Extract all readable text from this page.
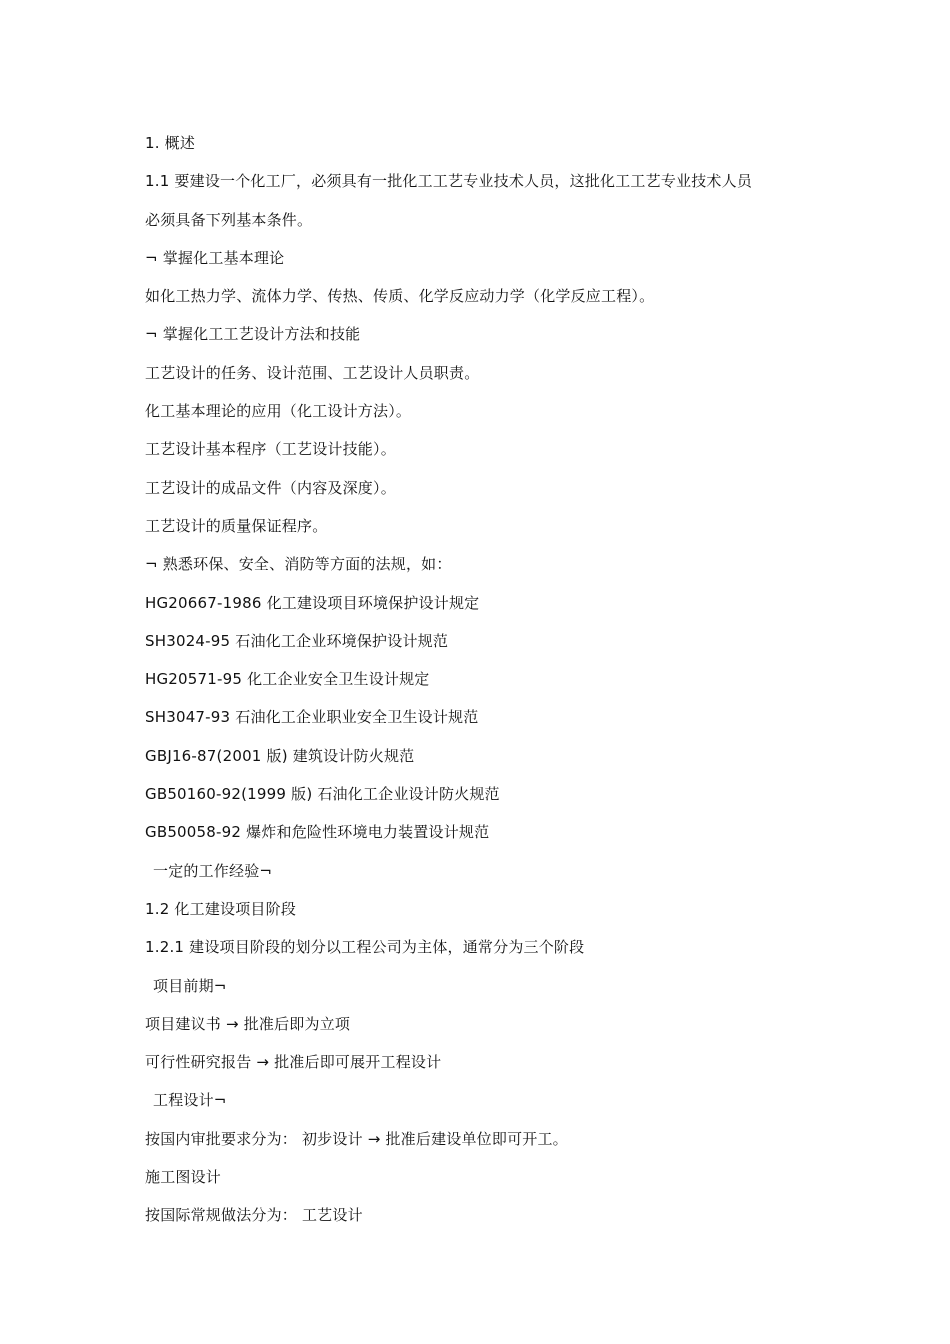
1. 概述
1.1 要建设一个化工厂，必须具有一批化工工艺专业技术人员，这批化工工艺专业技术人员
必须具备下列基本条件。
¬ 掌握化工基本理论
如化工热力学、流体力学、传热、传质、化学反应动力学（化学反应工程）。
¬ 掌握化工工艺设计方法和技能
工艺设计的任务、设计范围、工艺设计人员职责。
化工基本理论的应用（化工设计方法）。
工艺设计基本程序（工艺设计技能）。
工艺设计的成品文件（内容及深度）。
工艺设计的质量保证程序。
¬ 熟悉环保、安全、消防等方面的法规，如：
HG20667-1986 化工建设项目环境保护设计规定
SH3024-95 石油化工企业环境保护设计规范
HG20571-95 化工企业安全卫生设计规定
SH3047-93 石油化工企业职业安全卫生设计规范
GBJ16-87(2001 版) 建筑设计防火规范
GB50160-92(1999 版) 石油化工企业设计防火规范
GB50058-92 爆炸和危险性环境电力装置设计规范
一定的工作经验¬
1.2 化工建设项目阶段
1.2.1 建设项目阶段的划分以工程公司为主体，通常分为三个阶段
项目前期¬
项目建议书 → 批准后即为立项
可行性研究报告 → 批准后即可展开工程设计
工程设计¬
按国内审批要求分为： 初步设计 → 批准后建设单位即可开工。
施工图设计
按国际常规做法分为： 工艺设计
